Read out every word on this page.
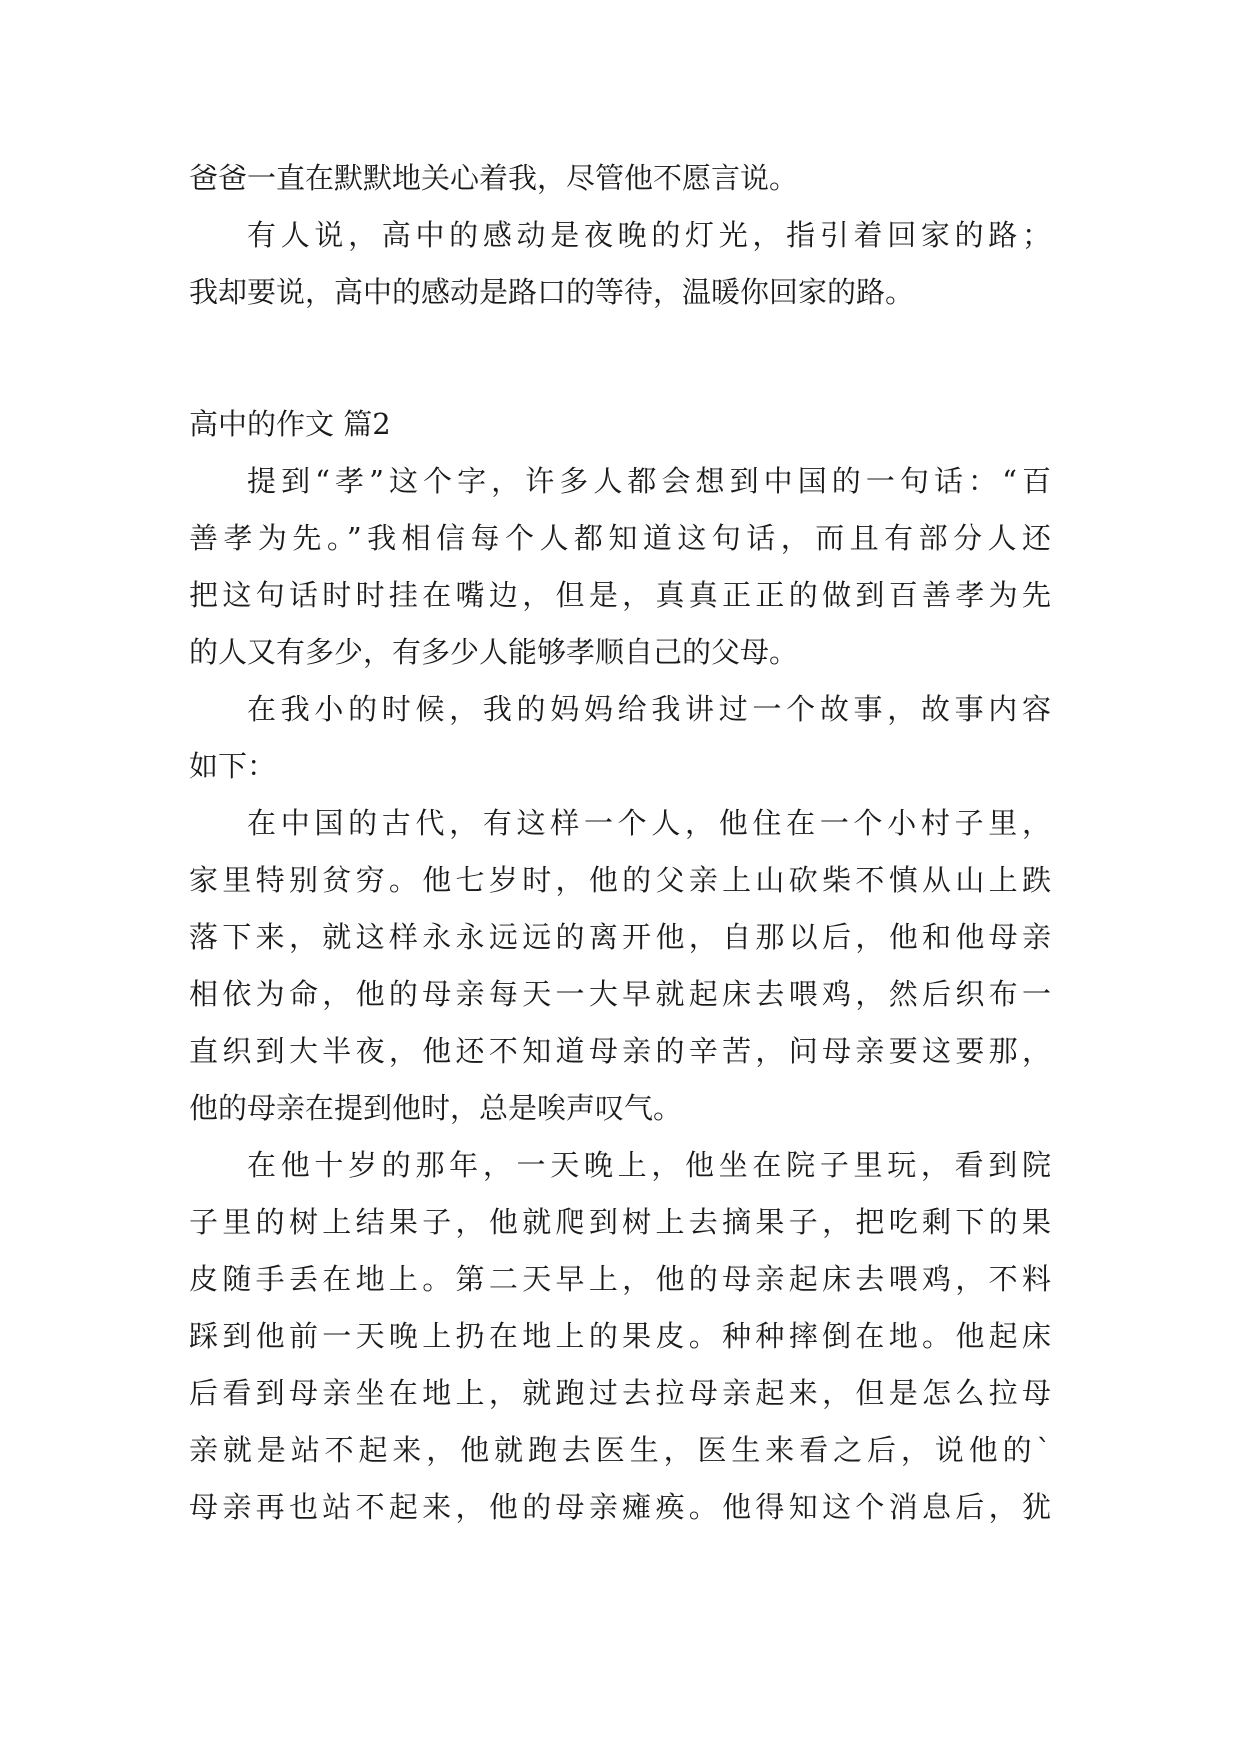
爸爸一直在默默地关心着我，尽管他不愿言说。
有人说，高中的感动是夜晚的灯光，指引着回家的路；
我却要说，高中的感动是路口的等待，温暖你回家的路。
高中的作文 篇2
提到“孝”这个字，许多人都会想到中国的一句话：“百
善孝为先。”我相信每个人都知道这句话，而且有部分人还
把这句话时时挂在嘴边，但是，真真正正的做到百善孝为先
的人又有多少，有多少人能够孝顺自己的父母。
在我小的时候，我的妈妈给我讲过一个故事，故事内容
如下：
在中国的古代，有这样一个人，他住在一个小村子里，
家里特别贫穷。他七岁时，他的父亲上山砍柴不慎从山上跌
落下来，就这样永永远远的离开他，自那以后，他和他母亲
相依为命，他的母亲每天一大早就起床去喂鸡，然后织布一
直织到大半夜，他还不知道母亲的辛苦，问母亲要这要那，
他的母亲在提到他时，总是唉声叹气。
在他十岁的那年，一天晚上，他坐在院子里玩，看到院
子里的树上结果子，他就爬到树上去摘果子，把吃剩下的果
皮随手丢在地上。第二天早上，他的母亲起床去喂鸡，不料
踩到他前一天晚上扔在地上的果皮。种种摔倒在地。他起床
后看到母亲坐在地上，就跑过去拉母亲起来，但是怎么拉母
亲就是站不起来，他就跑去医生，医生来看之后，说他的`
母亲再也站不起来，他的母亲瘫痪。他得知这个消息后，犹
